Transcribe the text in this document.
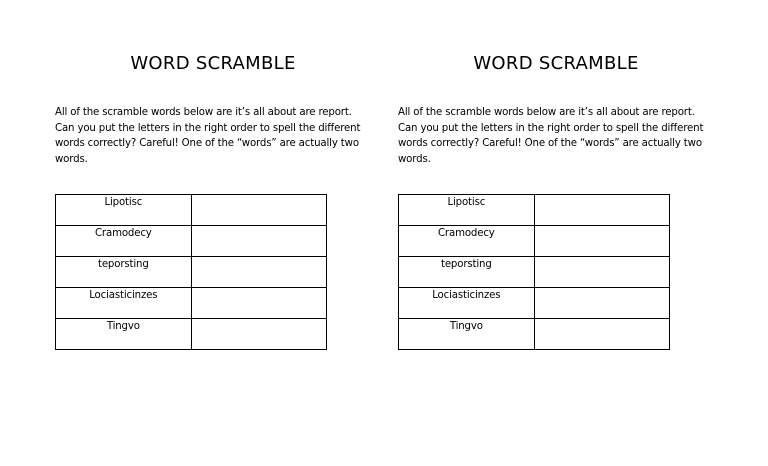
WORD SCRAMBLE

All of the scramble words below are it’s all about are report. Can you put the letters in the right order to spell the different words correctly? Careful! One of the “words” are actually two words.

Lipotisc	
Cramodecy	
teporsting	
Lociasticinzes	
Tingvo	
WORD SCRAMBLE

All of the scramble words below are it’s all about are report. Can you put the letters in the right order to spell the different words correctly? Careful! One of the “words” are actually two words.

Lipotisc	
Cramodecy	
teporsting	
Lociasticinzes	
Tingvo	
